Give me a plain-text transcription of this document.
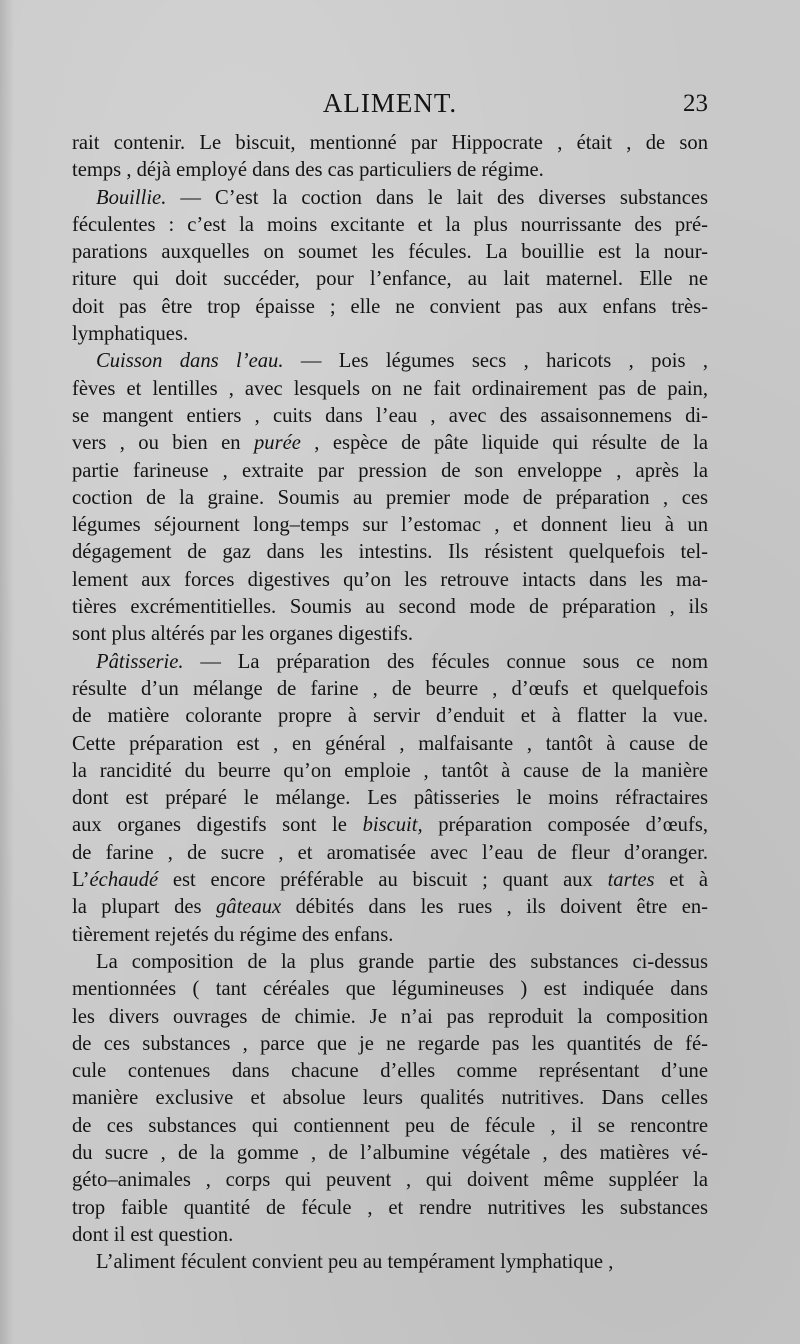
ALIMENT.	23
rait contenir. Le biscuit, mentionné par Hippocrate , était , de son
temps , déjà employé dans des cas particuliers de régime.
Bouillie. — C’est la coction dans le lait des diverses substances
féculentes : c’est la moins excitante et la plus nourrissante des pré-
parations auxquelles on soumet les fécules. La bouillie est la nour-
riture qui doit succéder, pour l’enfance, au lait maternel. Elle ne
doit pas être trop épaisse ; elle ne convient pas aux enfans très-
lymphatiques.
Cuisson dans l’eau. — Les légumes secs , haricots , pois ,
fèves et lentilles , avec lesquels on ne fait ordinairement pas de pain,
se mangent entiers , cuits dans l’eau , avec des assaisonnemens di-
vers , ou bien en purée , espèce de pâte liquide qui résulte de la
partie farineuse , extraite par pression de son enveloppe , après la
coction de la graine. Soumis au premier mode de préparation , ces
légumes séjournent long–temps sur l’estomac , et donnent lieu à un
dégagement de gaz dans les intestins. Ils résistent quelquefois tel-
lement aux forces digestives qu’on les retrouve intacts dans les ma-
tières excrémentitielles. Soumis au second mode de préparation , ils
sont plus altérés par les organes digestifs.
Pâtisserie. — La préparation des fécules connue sous ce nom
résulte d’un mélange de farine , de beurre , d’œufs et quelquefois
de matière colorante propre à servir d’enduit et à flatter la vue.
Cette préparation est , en général , malfaisante , tantôt à cause de
la rancidité du beurre qu’on emploie , tantôt à cause de la manière
dont est préparé le mélange. Les pâtisseries le moins réfractaires
aux organes digestifs sont le biscuit, préparation composée d’œufs,
de farine , de sucre , et aromatisée avec l’eau de fleur d’oranger.
L’échaudé est encore préférable au biscuit ; quant aux tartes et à
la plupart des gâteaux débités dans les rues , ils doivent être en-
tièrement rejetés du régime des enfans.
La composition de la plus grande partie des substances ci-dessus
mentionnées ( tant céréales que légumineuses ) est indiquée dans
les divers ouvrages de chimie. Je n’ai pas reproduit la composition
de ces substances , parce que je ne regarde pas les quantités de fé-
cule contenues dans chacune d’elles comme représentant d’une
manière exclusive et absolue leurs qualités nutritives. Dans celles
de ces substances qui contiennent peu de fécule , il se rencontre
du sucre , de la gomme , de l’albumine végétale , des matières vé-
géto–animales , corps qui peuvent , qui doivent même suppléer la
trop faible quantité de fécule , et rendre nutritives les substances
dont il est question.
L’aliment féculent convient peu au tempérament lymphatique ,
